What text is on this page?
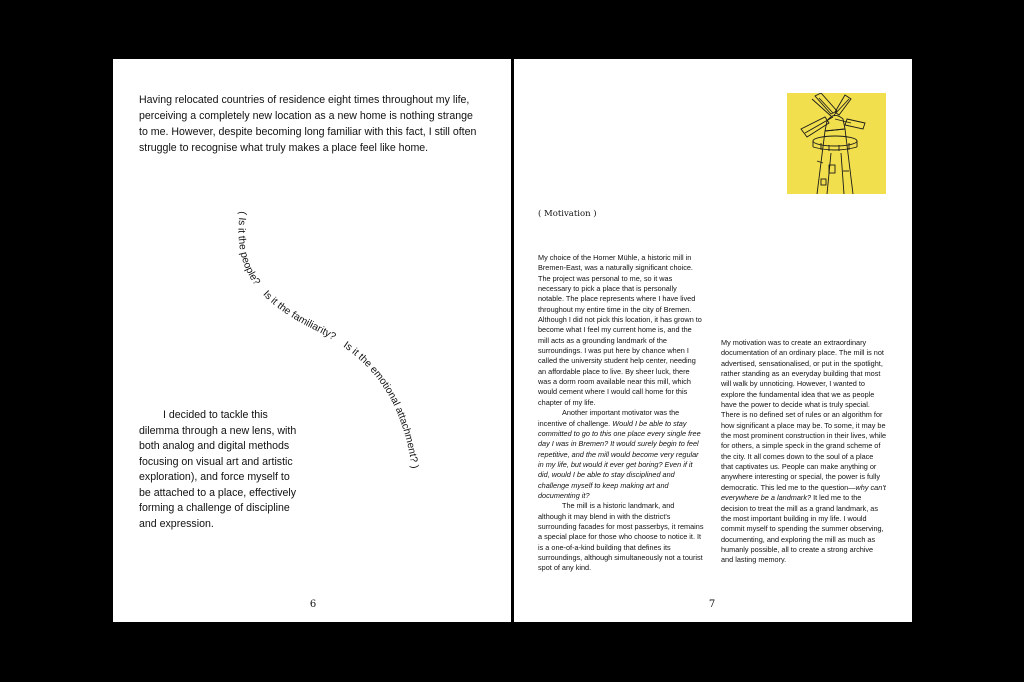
Having relocated countries of residence eight times throughout my life, perceiving a completely new location as a new home is nothing strange to me. However, despite becoming long familiar with this fact, I still often struggle to recognise what truly makes a place feel like home.

( Is it the people?    Is it the familiarity?    Is it the emotional attachment? )

I decided to tackle this dilemma through a new lens, with both analog and digital methods focusing on visual art and artistic exploration), and force myself to be attached to a place, effectively forming a challenge of discipline and expression.

6
( Motivation )

My choice of the Horner Mühle, a historic mill in Bremen-East, was a naturally significant choice. The project was personal to me, so it was necessary to pick a place that is personally notable. The place represents where I have lived throughout my entire time in the city of Bremen. Although I did not pick this location, it has grown to become what I feel my current home is, and the mill acts as a grounding landmark of the surroundings. I was put here by chance when I called the university student help center, needing an affordable place to live. By sheer luck, there was a dorm room available near this mill, which would cement where I would call home for this chapter of my life.

Another important motivator was the incentive of challenge. Would I be able to stay committed to go to this one place every single free day I was in Bremen? It would surely begin to feel repetitive, and the mill would become very regular in my life, but would it ever get boring? Even if it did, would I be able to stay disciplined and challenge myself to keep making art and documenting it?

The mill is a historic landmark, and although it may blend in with the district's surrounding facades for most passerbys, it remains a special place for those who choose to notice it. It is a one-of-a-kind building that defines its surroundings, although simultaneously not a tourist spot of any kind.

My motivation was to create an extraordinary documentation of an ordinary place. The mill is not advertised, sensationalised, or put in the spotlight, rather standing as an everyday building that most will walk by unnoticing. However, I wanted to explore the fundamental idea that we as people have the power to decide what is truly special. There is no defined set of rules or an algorithm for how significant a place may be. To some, it may be the most prominent construction in their lives, while for others, a simple speck in the grand scheme of the city. It all comes down to the soul of a place that captivates us. People can make anything or anywhere interesting or special, the power is fully democratic. This led me to the question—why can't everywhere be a landmark? It led me to the decision to treat the mill as a grand landmark, as the most important building in my life. I would commit myself to spending the summer observing, documenting, and exploring the mill as much as humanly possible, all to create a strong archive and lasting memory.

7
